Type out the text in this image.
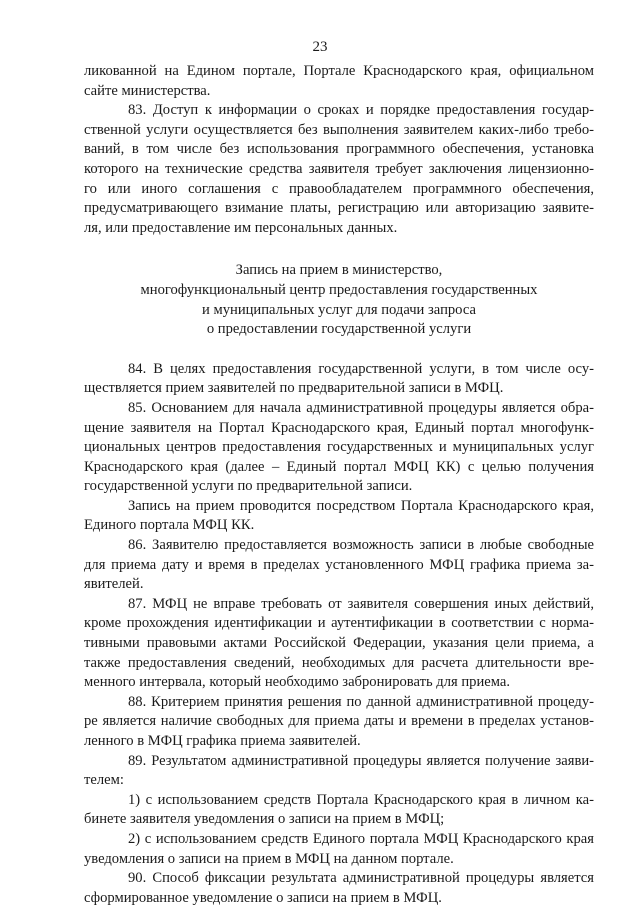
23
ликованной на Едином портале, Портале Краснодарского края, официальном
сайте министерства.
83. Доступ к информации о сроках и порядке предоставления государ-
ственной услуги осуществляется без выполнения заявителем каких-либо требо-
ваний, в том числе без использования программного обеспечения, установка
которого на технические средства заявителя требует заключения лицензионно-
го или иного соглашения с правообладателем программного обеспечения,
предусматривающего взимание платы, регистрацию или авторизацию заявите-
ля, или предоставление им персональных данных.
Запись на прием в министерство,
многофункциональный центр предоставления государственных
и муниципальных услуг для подачи запроса
о предоставлении государственной услуги
84. В целях предоставления государственной услуги, в том числе осу-
ществляется прием заявителей по предварительной записи в МФЦ.
85. Основанием для начала административной процедуры является обра-
щение заявителя на Портал Краснодарского края, Единый портал многофунк-
циональных центров предоставления государственных и муниципальных услуг
Краснодарского края (далее – Единый портал МФЦ КК) с целью получения
государственной услуги по предварительной записи.
Запись на прием проводится посредством Портала Краснодарского края,
Единого портала МФЦ КК.
86. Заявителю предоставляется возможность записи в любые свободные
для приема дату и время в пределах установленного МФЦ графика приема за-
явителей.
87. МФЦ не вправе требовать от заявителя совершения иных действий,
кроме прохождения идентификации и аутентификации в соответствии с норма-
тивными правовыми актами Российской Федерации, указания цели приема, а
также предоставления сведений, необходимых для расчета длительности вре-
менного интервала, который необходимо забронировать для приема.
88. Критерием принятия решения по данной административной процеду-
ре является наличие свободных для приема даты и времени в пределах установ-
ленного в МФЦ графика приема заявителей.
89. Результатом административной процедуры является получение заяви-
телем:
1) с использованием средств Портала Краснодарского края в личном ка-
бинете заявителя уведомления о записи на прием в МФЦ;
2) с использованием средств Единого портала МФЦ Краснодарского края
уведомления о записи на прием в МФЦ на данном портале.
90. Способ фиксации результата административной процедуры является
сформированное уведомление о записи на прием в МФЦ.
